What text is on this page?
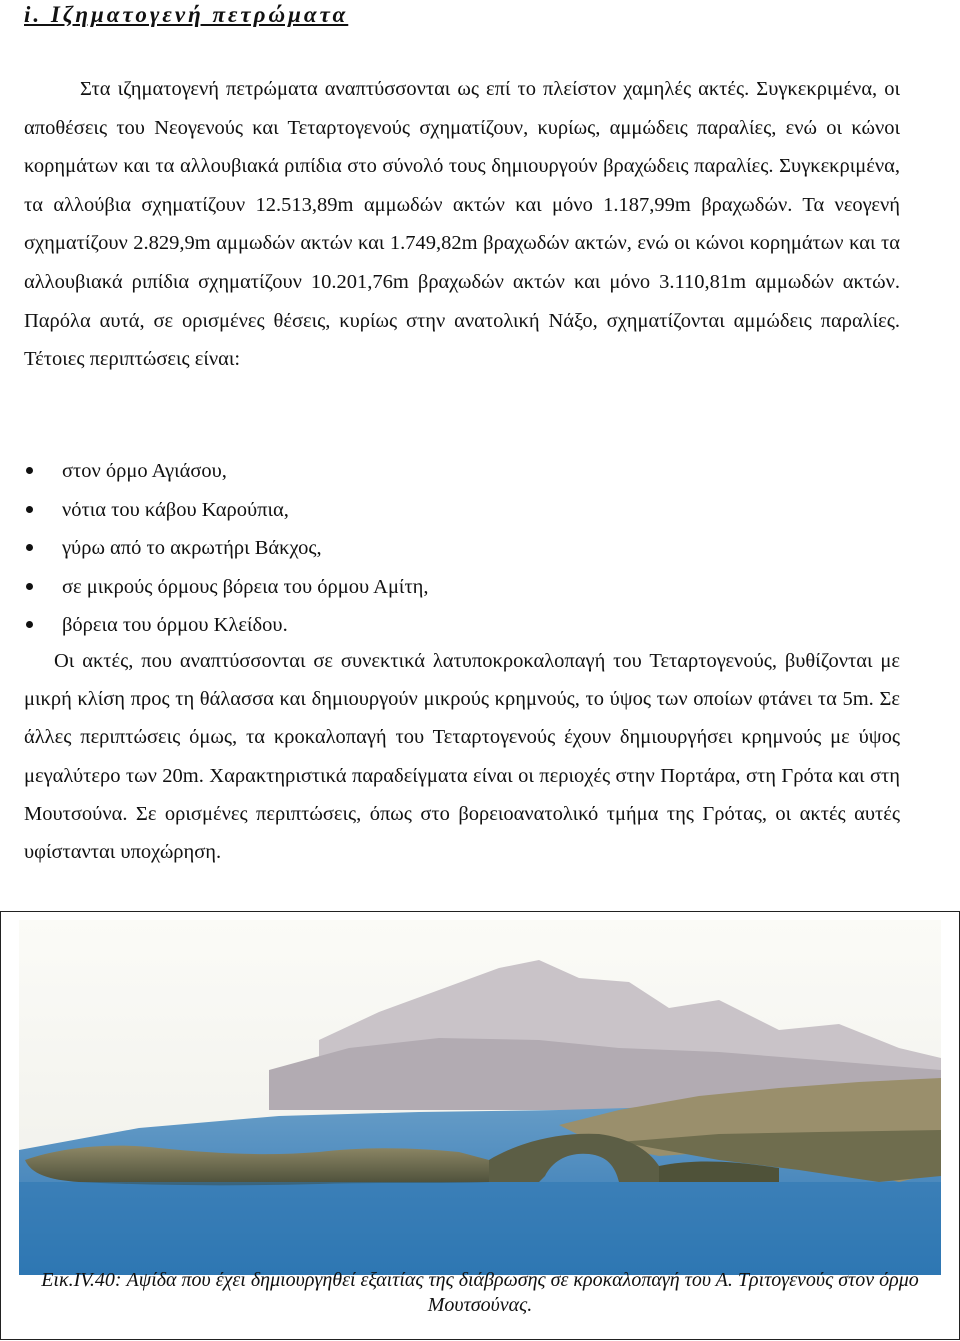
i. Ιζηματογενή πετρώματα

Στα ιζηματογενή πετρώματα αναπτύσσονται ως επί το πλείστον χαμηλές ακτές. Συγκεκριμένα, οι αποθέσεις του Νεογενούς και Τεταρτογενούς σχηματίζουν, κυρίως, αμμώδεις παραλίες, ενώ οι κώνοι κορημάτων και τα αλλουβιακά ριπίδια στο σύνολό τους δημιουργούν βραχώδεις παραλίες. Συγκεκριμένα, τα αλλούβια σχηματίζουν 12.513,89m αμμωδών ακτών και μόνο 1.187,99m βραχωδών. Τα νεογενή σχηματίζουν 2.829,9m αμμωδών ακτών και 1.749,82m βραχωδών ακτών, ενώ οι κώνοι κορημάτων και τα αλλουβιακά ριπίδια σχηματίζουν 10.201,76m βραχωδών ακτών και μόνο 3.110,81m αμμωδών ακτών. Παρόλα αυτά, σε ορισμένες θέσεις, κυρίως στην ανατολική Νάξο, σχηματίζονται αμμώδεις παραλίες. Τέτοιες περιπτώσεις είναι:

στον όρμο Αγιάσου,
νότια του κάβου Καρούπια,
γύρω από το ακρωτήρι Βάκχος,
σε μικρούς όρμους βόρεια του όρμου Αμίτη,
βόρεια του όρμου Κλείδου.

Οι ακτές, που αναπτύσσονται σε συνεκτικά λατυποκροκαλοπαγή του Τεταρτογενούς, βυθίζονται με μικρή κλίση προς τη θάλασσα και δημιουργούν μικρούς κρημνούς, το ύψος των οποίων φτάνει τα 5m. Σε άλλες περιπτώσεις όμως, τα κροκαλοπαγή του Τεταρτογενούς έχουν δημιουργήσει κρημνούς με ύψος μεγαλύτερο των 20m. Χαρακτηριστικά παραδείγματα είναι οι περιοχές στην Πορτάρα, στη Γρότα και στη Μουτσούνα. Σε ορισμένες περιπτώσεις, όπως στο βορειοανατολικό τμήμα της Γρότας, οι ακτές αυτές υφίστανται υποχώρηση.

Εικ.IV.40: Αψίδα που έχει δημιουργηθεί εξαιτίας της διάβρωσης σε κροκαλοπαγή του Α. Τριτογενούς στον όρμο Μουτσούνας.
